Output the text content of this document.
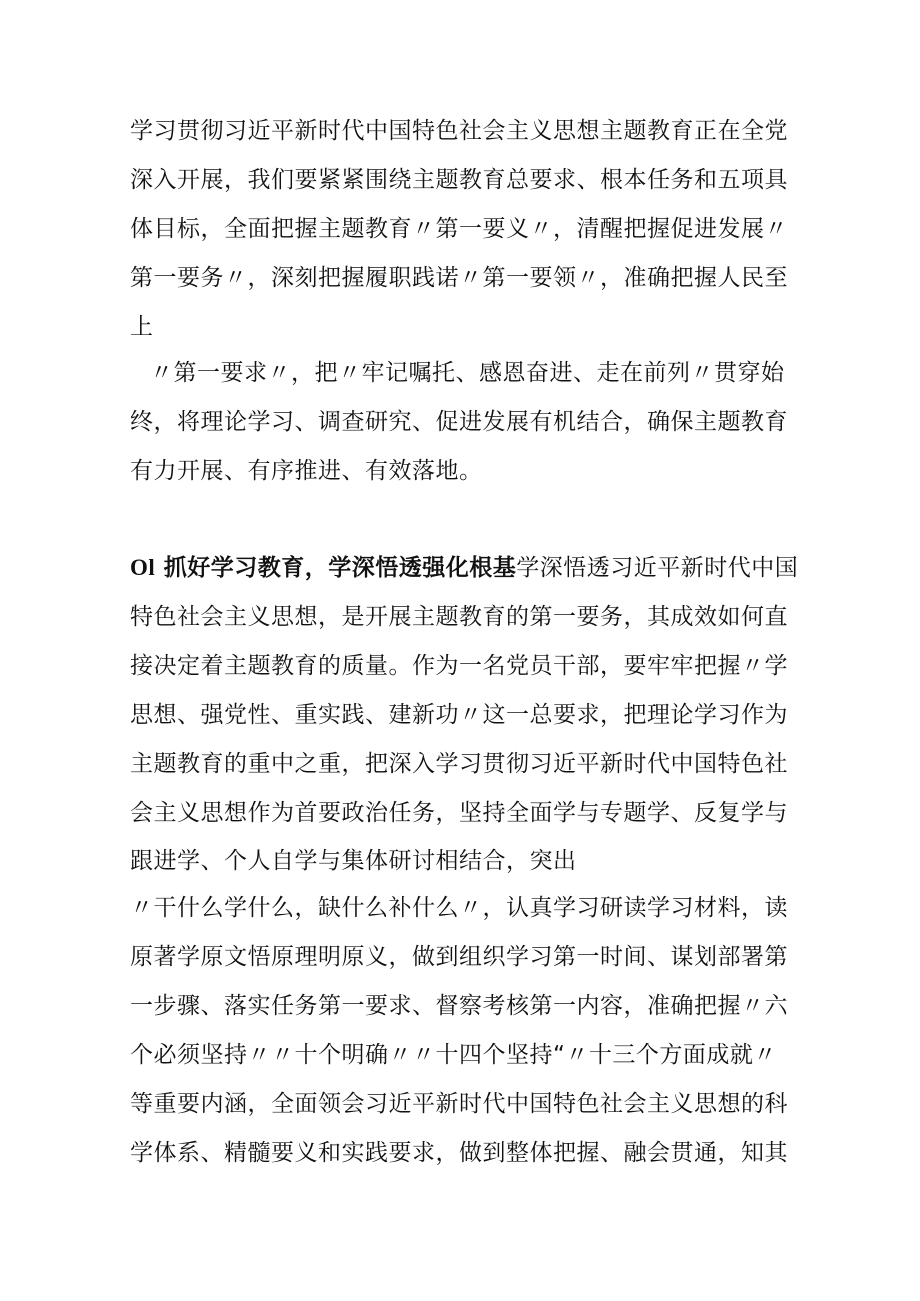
学习贯彻习近平新时代中国特色社会主义思想主题教育正在全党

深入开展，我们要紧紧围绕主题教育总要求、根本任务和五项具

体目标，全面把握主题教育〃第一要义〃，清醒把握促进发展〃

第一要务〃，深刻把握履职践诺〃第一要领〃，准确把握人民至

上

〃第一要求〃，把〃牢记嘱托、感恩奋进、走在前列〃贯穿始

终，将理论学习、调查研究、促进发展有机结合，确保主题教育

有力开展、有序推进、有效落地。

Ol 抓好学习教育，学深悟透强化根基学深悟透习近平新时代中国

特色社会主义思想，是开展主题教育的第一要务，其成效如何直

接决定着主题教育的质量。作为一名党员干部，要牢牢把握〃学

思想、强党性、重实践、建新功〃这一总要求，把理论学习作为

主题教育的重中之重，把深入学习贯彻习近平新时代中国特色社

会主义思想作为首要政治任务，坚持全面学与专题学、反复学与

跟进学、个人自学与集体研讨相结合，突出

〃干什么学什么，缺什么补什么〃，认真学习研读学习材料，读

原著学原文悟原理明原义，做到组织学习第一时间、谋划部署第

一步骤、落实任务第一要求、督察考核第一内容，准确把握〃六

个必须坚持〃〃十个明确〃〃十四个坚持“〃十三个方面成就〃

等重要内涵，全面领会习近平新时代中国特色社会主义思想的科

学体系、精髓要义和实践要求，做到整体把握、融会贯通，知其
